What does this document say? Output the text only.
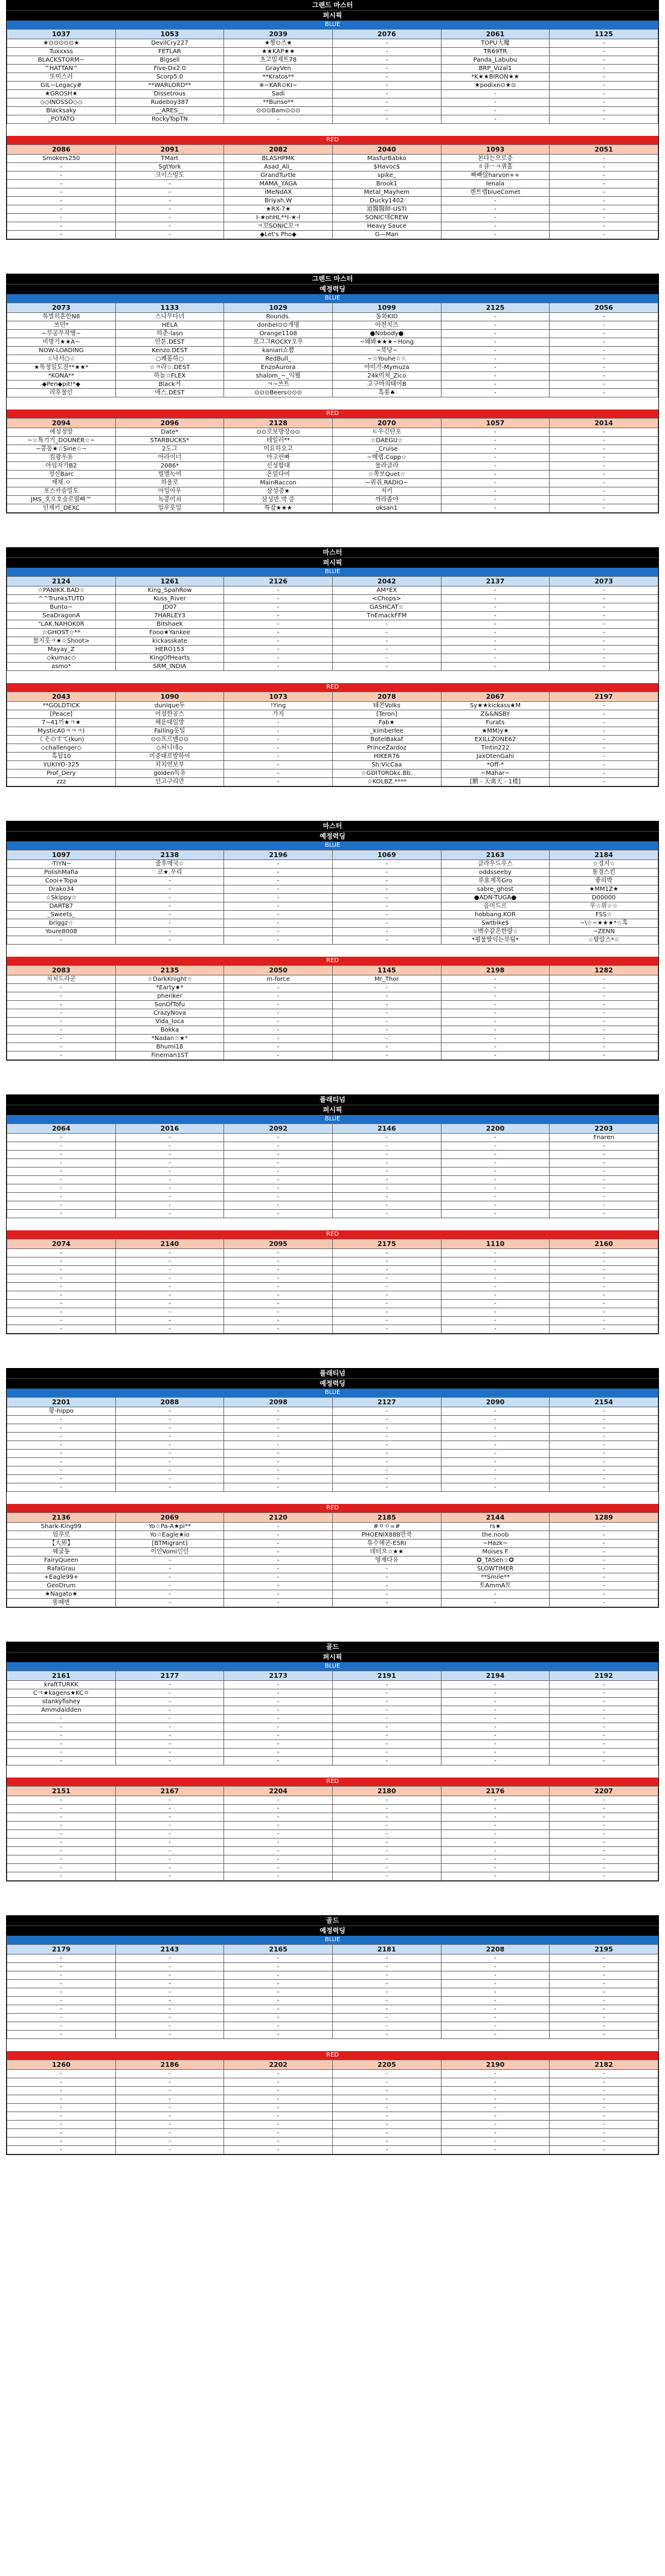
그랜드 마스터
퍼시픽
BLUE
1037	1053	2039	2076	2061	1125
★⊙⊙⊙⊙⊙★	DevilCry227	★짱⊙즈★	-	TOPU大魔	-
Tuxxxss	FETLAR	★★KAP★★	-	TR69TR	-
BLACKSTORM~	Bigsell	초고밀제트78	-	Panda_Labubu	-
^HATTAN^	Five-Dx2.0	GrayVen	-	BRP_Vizal1	-
또미스러	Scorp5.0	**Kratos**	-	*K★★BIRON★★	-
GIL~Legacy#	**WARLORD**	※~KAR⊙KI~	-	★podixn⊙★⊙	-
★GROSH★	Dissetrous	Sadi	-	-	-
◇◇INOSSO◇◇	Rudeboy387	**Bunso**	-	-	-
Blacksaky	__ARES__	⊙⊙⊙Bam⊙⊙⊙	-	-	-
_POTATO	RockyTopTN	-	-	-	-
RED
2086	2091	2082	2040	1093	2051
Smokers250	TMart	BLASHPMK	MasfurBabko	본다는으로중	-
-	SgtYork	Asad_Ali_	$Havoc$	ㅎ큐ㅡㅋ퀴홀	-
-	크이스밍도	GrandTurtle	spike_	빠빠않harvon++	-
-	-	MAMA_YAGA	Brook1	Ienala	-
-	-	iMeNdAX	Metal_Mayhem	렌트랩blueComet	-
-	-	Briyah.W	Ducky1402	-	-
-	-	★RX-7★	道醫醫師-USTI	-	-
-	-	I-★ohHL**I-★-I	SONIC대CREW	-	-
-	-	ㅋ꼬SONIC꼬ㅋ	Heavy Sauce	-	-
-	-	◆Let's Pho◆	G—Man	-	-
그랜드 마스터
예정력딩
BLUE
2073	1133	1029	1099	2125	2056
특별히흔한N8	스나무다녀	Rounds.	동화KID	-	-
쓰던*	HELA	donbel⊙⊙개명	아천치즈	-	-
~무공무작행~	하춘-lasn	Orange1108	●Nobody●	-	-
비명기★★A~	안톤.DEST	로그그ROCKY오우	~왜봐★★★~Hong	-	-
NOW-LOADING	Kenzo.DEST	kaniari쇼쁨	~북당~	-	-
☆낙서○☆	○케롬하○	RedBull_	~☆Youhe☆☆	-	-
★특정일도전**★★*	☆ㅋ라☆.DEST	EnzoAurora	야미가-Mymuza	-	-
*KONA**	하늘☆FLEX	shalom_~_익뭘	24k미쳐_Zico	-	-
◆Pen◆pit!*◆	Black거	ㅋ~쓰트	고구마의태어B	-	-
라후물인	애스.DEST	⊙⊙⊙Beers⊙⊙⊙	흑풍♠	-	-
RED
2094	2096	2128	2070	1057	2014
예성정망	Date*	⊙⊙로보방장⊙⊙	ㅌ우긴탄포	-	-
~☆특기기_DOUNER☆~	STARBUCKS*	테일러**	☆DAEGU☆	-	-
~콩뭉★☆Sine☆~	2도그	미요하요고	_Cruise	-	-
킬광우유	아라이너	아고린빠	~메랩.Copp☆	-	-
아임자가B2	2086*	신성합대	물라클라	-	-
정신Barc	별별녹여	온일다여	☆쪽보Quet☆	-	-
재재.ㅇ	하울로	MainRaccon	~쿼쥐.RADIO~	-	-
포스카슬밀도	아잉아우	삼성중★	저키	-	-
JMS_호으호슬로릴빠™	녹콩이쇠	삼성반.박 준	까라졸야	-	-
인제키_DEXC	일우웃일	특잡★★★	oksan1	-	-
마스터
퍼시픽
BLUE
2124	1261	2126	2042	2137	2073
☆PANIKK.BAD☆	King_SpahRow	-	AM*EX	-	-
^^TrunksTUTD	Kuss_River	-	<Chops>	-	-
Bunto~	JD07	-	GASHCAT☆	-	-
SeaDragonA	7HARLEY3	-	TnEmackFFM	-	-
"LAK.NAHOK0R	Bitshaek	-	-	-	-
☆GHOST☆**	Fooo★Yankee	-	-	-	-
물지웃ㅋ★☆Shoot>	kickasskate	-	-	-	-
Mayay_Z	HERO153	-	-	-	-
◇kumac◇	KingOfHearts	-	-	-	-
asmo*	SRM_INDIA	-	-	-	-
RED
2043	1090	1073	2078	2067	2197
**GOLDTICK	dunique두	!Ying	돼콘Volks	Sy★★kickass★M	-
[Peace]	어정한공스	가지	[Teron]	Z&&NSBY	-
7~41끼★ㅋ★	해운대일방	-	Fab★	Furats	-
MysticA0ㅋㅋㅋ)	Falling웃일	-	_kimberlee	★MM)y★	-
くそのすて(kun)	⊙⊙프르맨⊙⊙	-	BotelBakaf	EXILLZONE62	-
◇challenger◇	◇허니네◇	-	PrinceZardoz	Tintin222	-
흑됨10	미중대로발하여	-	HIKER76	JaxOtenGahi	-
YUKIYO-325	치치연보부	-	Sh:VicCaa	*Off-*	-
Prof_Dery	golden득유	-	☆GDIT0RDkc.Bb.	~Mahar~	-
zzz	인고구리만	-	☆KOLBZ.****	[鹏 - 天离天 - 1楼]	-
마스터
예정력딩
BLUE
1097	2138	2196	1069	2163	2184
-TIYN~	줄후매국☆	-	-	클라우드우스	☆경지☆
PolishMafia	코★.우리	-	-	oddsseeby	통경스킨
Cooi+Topa	-	-	-	루효제목Gro	좋리박
Drako34	-	-	-	sabre_ghost	★MM1Z★
☆Skippy☆	-	-	-	●ADN-TUGA●	D00000
DART87	-	-	-	음미드르	우☆위☆☆
_Sweets_	-	-	-	hobbang.KOR	FSS☆
briggz☆	-	-	-	Swtbike$	~\☆~★★★*☆흑
Youre8008	-	-	-	☆백수같은한량☆	~ZENN
-	-	-	-	*평물딸익는부팀*	☆탈알스*☆
RED
2083	2135	2050	1145	2198	1282
치치드라군	☆DarkKnight☆	m-force	Mr_Thor	-	-
-	*Earty★*	-	-	-	-
-	pheriker	-	-	-	-
-	SonOfTofu	-	-	-	-
-	CrazyNova	-	-	-	-
-	Vida_loca	-	-	-	-
-	Bokka	-	-	-	-
-	*Nadan☆★*	-	-	-	-
-	Bhumi18	-	-	-	-
-	Fineman1ST	-	-	-	-
플래티넘
퍼시픽
BLUE
2064	2016	2092	2146	2200	2203
-	-	-	-	-	Fnaren
-	-	-	-	-	-
-	-	-	-	-	-
-	-	-	-	-	-
-	-	-	-	-	-
-	-	-	-	-	-
-	-	-	-	-	-
-	-	-	-	-	-
-	-	-	-	-	-
-	-	-	-	-	-
RED
2074	2140	2095	2175	1110	2160
-	-	-	-	-	-
-	-	-	-	-	-
-	-	-	-	-	-
-	-	-	-	-	-
-	-	-	-	-	-
-	-	-	-	-	-
-	-	-	-	-	-
-	-	-	-	-	-
-	-	-	-	-	-
-	-	-	-	-	-
플래티넘
예정력딩
BLUE
2201	2088	2098	2127	2090	2154
황-hippo	-	-	-	-	-
-	-	-	-	-	-
-	-	-	-	-	-
-	-	-	-	-	-
-	-	-	-	-	-
-	-	-	-	-	-
-	-	-	-	-	-
-	-	-	-	-	-
-	-	-	-	-	-
-	-	-	-	-	-
RED
2136	2069	2120	2185	2144	1289
Shark-King99	Yo☆Pa-A★pi**	-	#ㅇㅇ=#	rs★	-
엄우로	Yo☆Eagle★io	-	PHOENIX888만쿡	the.noob	-
【大界】	[BTMigrant]	-	튜수해군-ESRI	~Hazk~	-
웨굴동	이인Vomi인인	-	데터으☆★★	Moises F	-
FairyQueen	-	-	영재다유	✪_TASen☆✪	-
RafaGrau	-	-	-	SLOWTIMER	-
+Eagle99+	-	-	-	**Smile**	-
GeoDrum	-	-	-	토AmmA토	-
★Nagato★	-	-	-	-	-
똥때변	-	-	-	-	-
골드
퍼시픽
BLUE
2161	2177	2173	2191	2194	2192
kraftTURKK	-	-	-	-	-
Cㅋ★kagens★KCㅇ	-	-	-	-	-
stankyfishey	-	-	-	-	-
Ammdaidden	-	-	-	-	-
-	-	-	-	-	-
-	-	-	-	-	-
-	-	-	-	-	-
-	-	-	-	-	-
-	-	-	-	-	-
-	-	-	-	-	-
RED
2151	2167	2204	2180	2176	2207
-	-	-	-	-	-
-	-	-	-	-	-
-	-	-	-	-	-
-	-	-	-	-	-
-	-	-	-	-	-
-	-	-	-	-	-
-	-	-	-	-	-
-	-	-	-	-	-
-	-	-	-	-	-
-	-	-	-	-	-
골드
예정력딩
BLUE
2179	2143	2165	2181	2208	2195
-	-	-	-	-	-
-	-	-	-	-	-
-	-	-	-	-	-
-	-	-	-	-	-
-	-	-	-	-	-
-	-	-	-	-	-
-	-	-	-	-	-
-	-	-	-	-	-
-	-	-	-	-	-
-	-	-	-	-	-
RED
1260	2186	2202	2205	2190	2182
-	-	-	-	-	-
-	-	-	-	-	-
-	-	-	-	-	-
-	-	-	-	-	-
-	-	-	-	-	-
-	-	-	-	-	-
-	-	-	-	-	-
-	-	-	-	-	-
-	-	-	-	-	-
-	-	-	-	-	-
